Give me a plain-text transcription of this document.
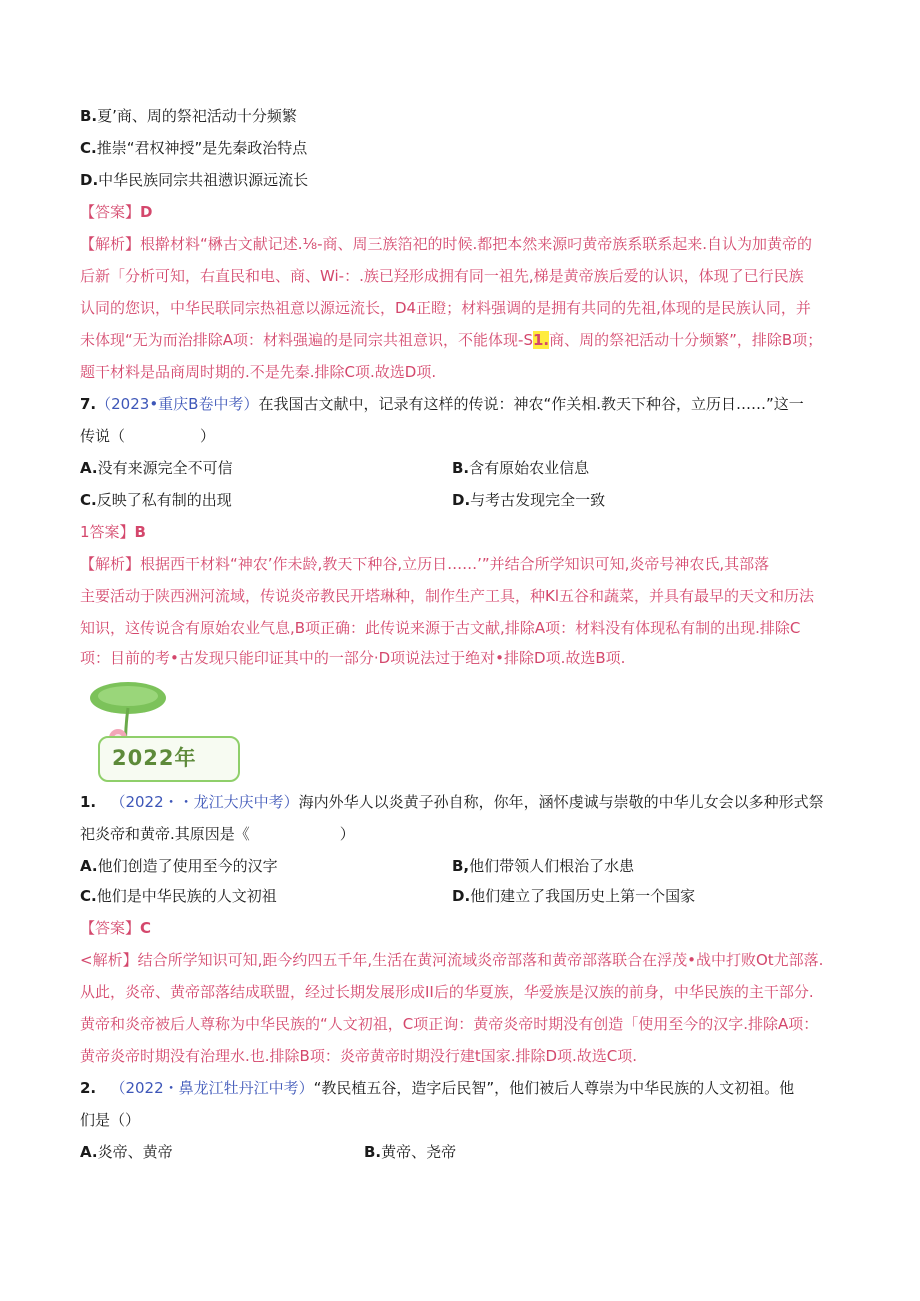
B.夏’商、周的祭祀活动十分频繁
C.推崇“君权神授”是先秦政治特点
D.中华民族同宗共祖懑识源远流长
【答案】D
【解析】根擀材料“楙古文献记述.⅛-商、周三族箔祀的时候.都把本然来源叼黄帝族系联系起来.自认为加黄帝的
后新「分析可知，右直民和电、商、Wi-：.族已羟形成拥有同一祖先,梯是黄帝族后爱的认识，体现了已行民族
认同的您识，中华民联同宗热祖意以源远流长，D4正瞪；材料强调的是拥有共同的先祖,体现的是民族认同，并
未体现“无为而治排除A项：材料强遍的是同宗共祖意识，不能体现-S1.商、周的祭祀活动十分频繁”，排除B项；
题干材料是品商周时期的.不是先秦.排除C项.故选D项.
7.（2023•重庆B卷中考）在我国古文献中，记录有这样的传说：神农“作关相.教天下种谷，立历日……”这一
传说（　　　　　）
A.没有来源完全不可信	B.含有原始农业信息
C.反映了私有制的出现	D.与考古发现完全一致
1答案】B
【解析】根据西干材料“神农’作未龄,教天下种谷,立历日……’”并结合所学知识可知,炎帝号神农氏,其部落
主要活动于陕西洲河流域，传说炎帝教民开塔琳种，制作生产工具，种Kl五谷和蔬菜，并具有最早的天文和历法
知识，这传说含有原始农业气息,B项正确：此传说来源于古文献,排除A项：材料没有体现私有制的出现.排除C
项：目前的考•古发现只能印证其中的一部分·D项说法过于绝对•排除D项.故选B项.
2022年
1. （2022・・龙江大庆中考）海内外华人以炎黄子孙自称，你年，涵怀虔诚与崇敬的中华儿女会以多种形式祭
祀炎帝和黄帝.其原因是《　　　　　　）
A.他们创造了使用至今的汉字	B,他们带领人们根治了水患
C.他们是中华民族的人文初祖	D.他们建立了我国历史上第一个国家
【答案】C
<解析】结合所学知识可知,距今约四五千年,生活在黄河流域炎帝部落和黄帝部落联合在浮茂•战中打败Ot尤部落.
从此，炎帝、黄帝部落结成联盟，经过长期发展形成II后的华夏族，华爱族是汉族的前身，中华民族的主干部分.
黄帝和炎帝被后人尊称为中华民族的“人文初祖，C项正询：黄帝炎帝时期没有创造「使用至今的汉字.排除A项：
黄帝炎帝时期没有治理水.也.排除B项：炎帝黄帝时期没行建t国家.排除D项.故选C项.
2. （2022・鼻龙江牡丹江中考）“教民植五谷，造字后民智”，他们被后人尊崇为中华民族的人文初祖。他
们是（）
A.炎帝、黄帝	B.黄帝、尧帝
